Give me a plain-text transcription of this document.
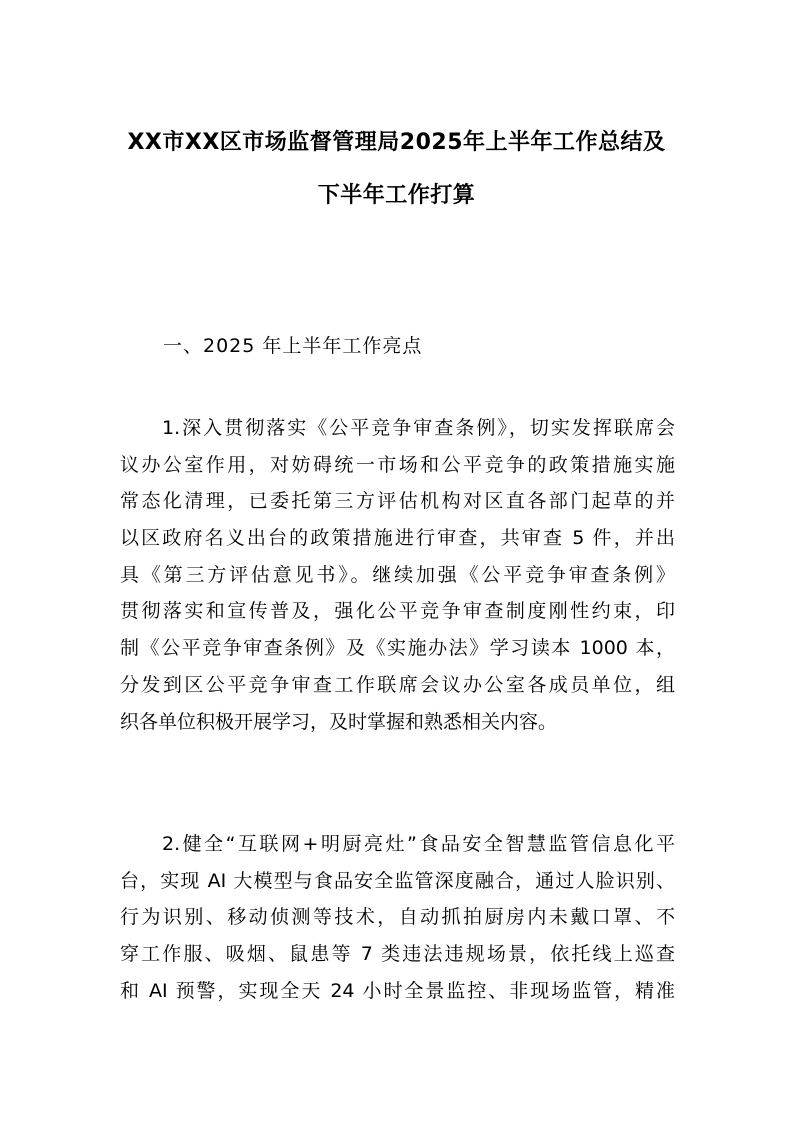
XX市XX区市场监督管理局2025年上半年工作总结及
下半年工作打算
一、2025 年上半年工作亮点
1.深入贯彻落实《公平竞争审查条例》，切实发挥联席会
议办公室作用，对妨碍统一市场和公平竞争的政策措施实施
常态化清理，已委托第三方评估机构对区直各部门起草的并
以区政府名义出台的政策措施进行审查，共审查 5 件，并出
具《第三方评估意见书》。继续加强《公平竞争审查条例》
贯彻落实和宣传普及，强化公平竞争审查制度刚性约束，印
制《公平竞争审查条例》及《实施办法》学习读本 1000 本，
分发到区公平竞争审查工作联席会议办公室各成员单位，组
织各单位积极开展学习，及时掌握和熟悉相关内容。
2.健全“互联网+明厨亮灶”食品安全智慧监管信息化平
台，实现 AI 大模型与食品安全监管深度融合，通过人脸识别、
行为识别、移动侦测等技术，自动抓拍厨房内未戴口罩、不
穿工作服、吸烟、鼠患等 7 类违法违规场景，依托线上巡查
和 AI 预警，实现全天 24 小时全景监控、非现场监管，精准
